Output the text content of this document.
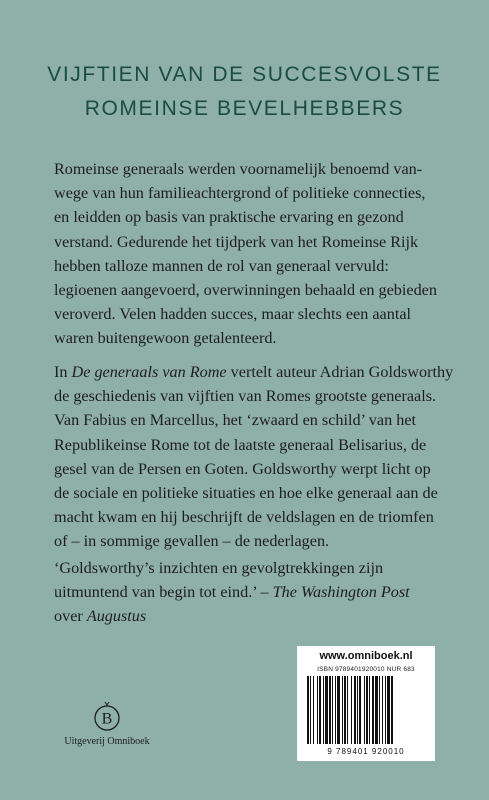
VIJFTIEN VAN DE SUCCESVOLSTE
ROMEINSE BEVELHEBBERS
Romeinse generaals werden voornamelijk benoemd van-
wege van hun familieachtergrond of politieke connecties,
en leidden op basis van praktische ervaring en gezond
verstand. Gedurende het tijdperk van het Romeinse Rijk
hebben talloze mannen de rol van generaal vervuld:
legioenen aangevoerd, overwinningen behaald en gebieden
veroverd. Velen hadden succes, maar slechts een aantal
waren buitengewoon getalenteerd.
In De generaals van Rome vertelt auteur Adrian Goldsworthy
de geschiedenis van vijftien van Romes grootste generaals.
Van Fabius en Marcellus, het ‘zwaard en schild’ van het
Republikeinse Rome tot de laatste generaal Belisarius, de
gesel van de Persen en Goten. Goldsworthy werpt licht op
de sociale en politieke situaties en hoe elke generaal aan de
macht kwam en hij beschrijft de veldslagen en de triomfen
of – in sommige gevallen – de nederlagen.
‘Goldsworthy’s inzichten en gevolgtrekkingen zijn
uitmuntend van begin tot eind.’ – The Washington Post
over Augustus
B
Uitgeverij Omniboek
www.omniboek.nl
ISBN 9789401920010 NUR 683
9 789401 920010
